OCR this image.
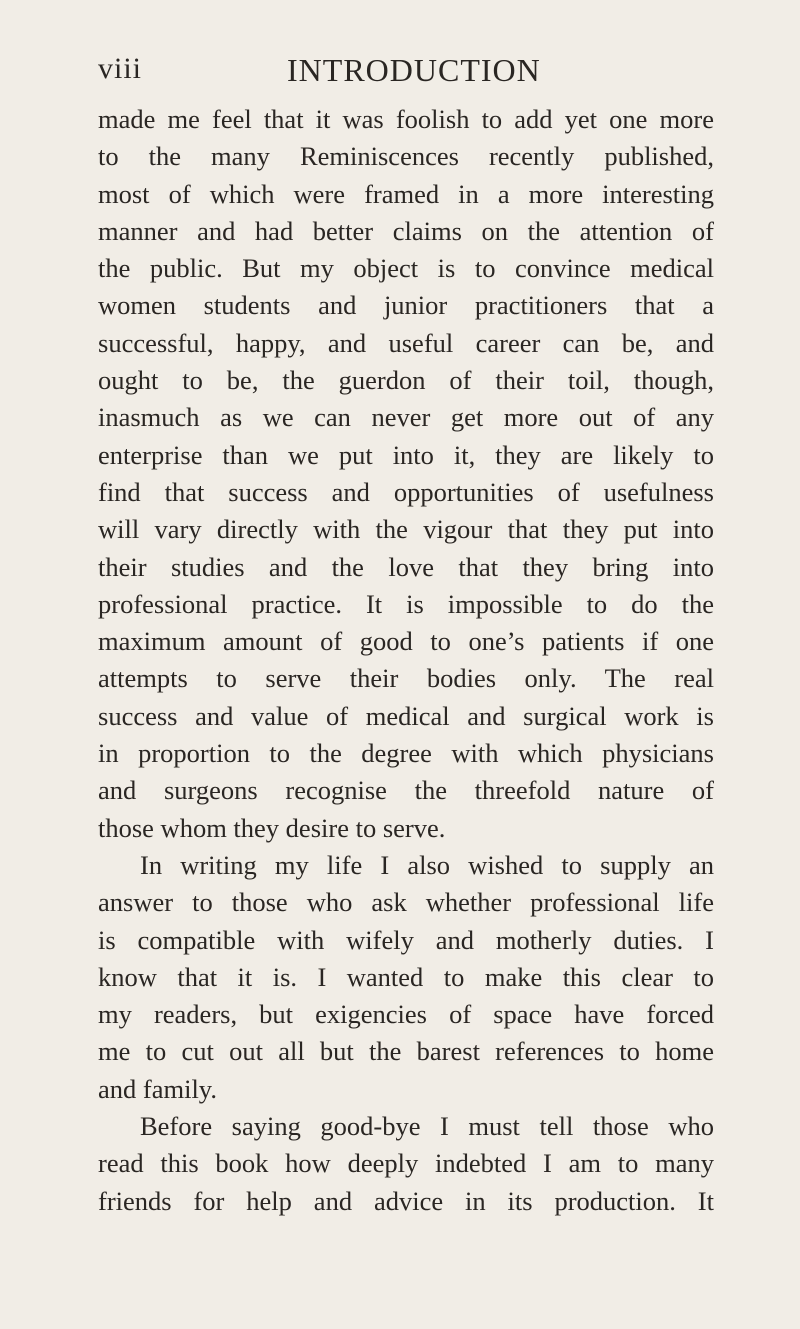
viii	INTRODUCTION
made me feel that it was foolish to add yet one more
to the many Reminiscences recently published,
most of which were framed in a more interesting
manner and had better claims on the attention of
the public. But my object is to convince medical
women students and junior practitioners that a
successful, happy, and useful career can be, and
ought to be, the guerdon of their toil, though,
inasmuch as we can never get more out of any
enterprise than we put into it, they are likely to
find that success and opportunities of usefulness
will vary directly with the vigour that they put into
their studies and the love that they bring into
professional practice. It is impossible to do the
maximum amount of good to one’s patients if one
attempts to serve their bodies only. The real
success and value of medical and surgical work is
in proportion to the degree with which physicians
and surgeons recognise the threefold nature of
those whom they desire to serve.
In writing my life I also wished to supply an
answer to those who ask whether professional life
is compatible with wifely and motherly duties. I
know that it is. I wanted to make this clear to
my readers, but exigencies of space have forced
me to cut out all but the barest references to home
and family.
Before saying good-bye I must tell those who
read this book how deeply indebted I am to many
friends for help and advice in its production. It
